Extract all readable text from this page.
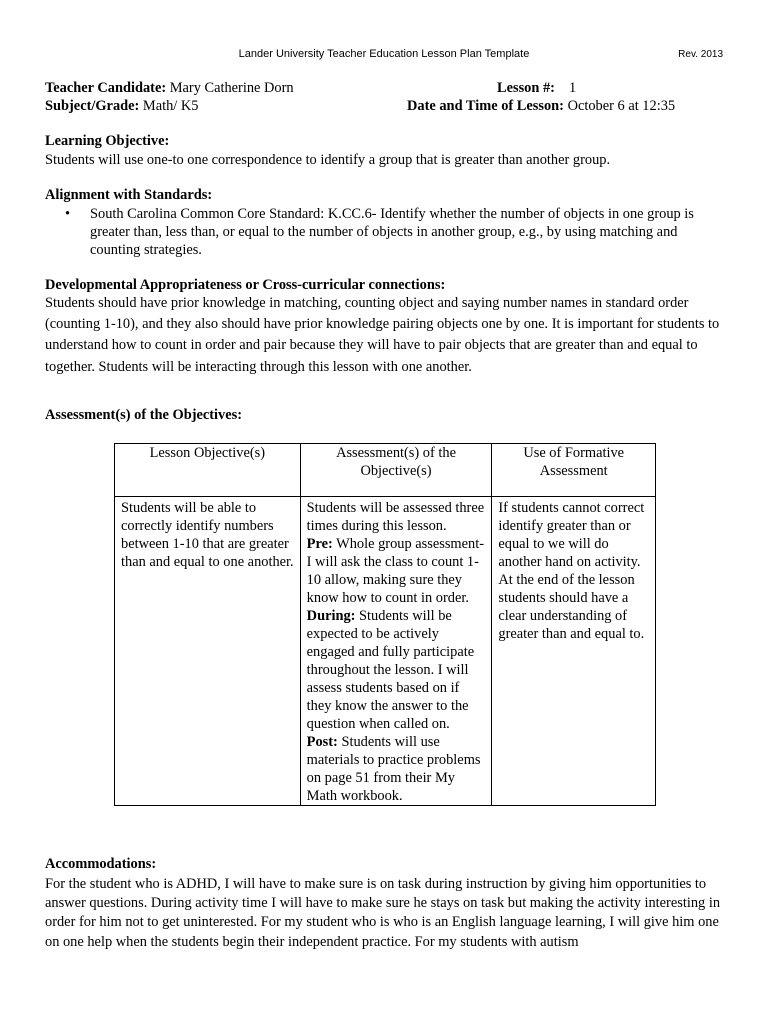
Lander University Teacher Education Lesson Plan Template	Rev. 2013
Teacher Candidate: Mary Catherine Dorn	Lesson #: 1
Subject/Grade: Math/ K5	Date and Time of Lesson: October 6 at 12:35
Learning Objective:
Students will use one-to one correspondence to identify a group that is greater than another group.
Alignment with Standards:
• South Carolina Common Core Standard: K.CC.6- Identify whether the number of objects in one group is greater than, less than, or equal to the number of objects in another group, e.g., by using matching and counting strategies.
Developmental Appropriateness or Cross-curricular connections:
Students should have prior knowledge in matching, counting object and saying number names in standard order (counting 1-10), and they also should have prior knowledge pairing objects one by one. It is important for students to understand how to count in order and pair because they will have to pair objects that are greater than and equal to together. Students will be interacting through this lesson with one another.
Assessment(s) of the Objectives:
Lesson Objective(s)	Assessment(s) of the Objective(s)	Use of Formative Assessment
Students will be able to correctly identify numbers between 1-10 that are greater than and equal to one another.	Students will be assessed three times during this lesson.
Pre: Whole group assessment- I will ask the class to count 1-10 allow, making sure they know how to count in order.
During: Students will be expected to be actively engaged and fully participate throughout the lesson. I will assess students based on if they know the answer to the question when called on.
Post: Students will use materials to practice problems on page 51 from their My Math workbook.	If students cannot correct identify greater than or equal to we will do another hand on activity. At the end of the lesson students should have a clear understanding of greater than and equal to.
Accommodations:
For the student who is ADHD, I will have to make sure is on task during instruction by giving him opportunities to answer questions. During activity time I will have to make sure he stays on task but making the activity interesting in order for him not to get uninterested. For my student who is who is an English language learning, I will give him one on one help when the students begin their independent practice. For my students with autism
